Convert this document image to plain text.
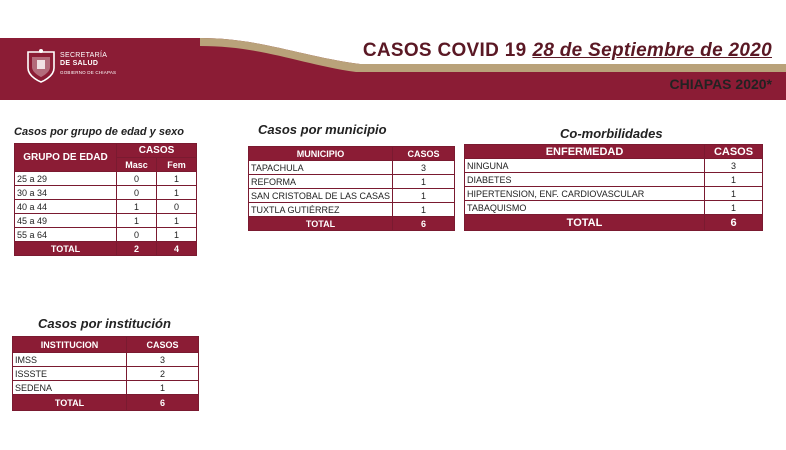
SECRETARÍA
DE SALUD
GOBIERNO DE CHIAPAS
CASOS COVID 19 28 de Septiembre de 2020
CHIAPAS 2020*
Casos por grupo de edad y sexo
GRUPO DE EDAD	CASOS	
	Masc	Fem
25 a 29	0	1
30 a 34	0	1
40 a 44	1	0
45 a 49	1	1
55 a 64	0	1
TOTAL	2	4
Casos por municipio
MUNICIPIO	CASOS
TAPACHULA	3
REFORMA	1
SAN CRISTOBAL DE LAS CASAS	1
TUXTLA GUTIÉRREZ	1
TOTAL	6
Co-morbilidades
ENFERMEDAD	CASOS
NINGUNA	3
DIABETES	1
HIPERTENSION, ENF. CARDIOVASCULAR	1
TABAQUISMO	1
TOTAL	6
Casos por institución
INSTITUCION	CASOS
IMSS	3
ISSSTE	2
SEDENA	1
TOTAL	6
